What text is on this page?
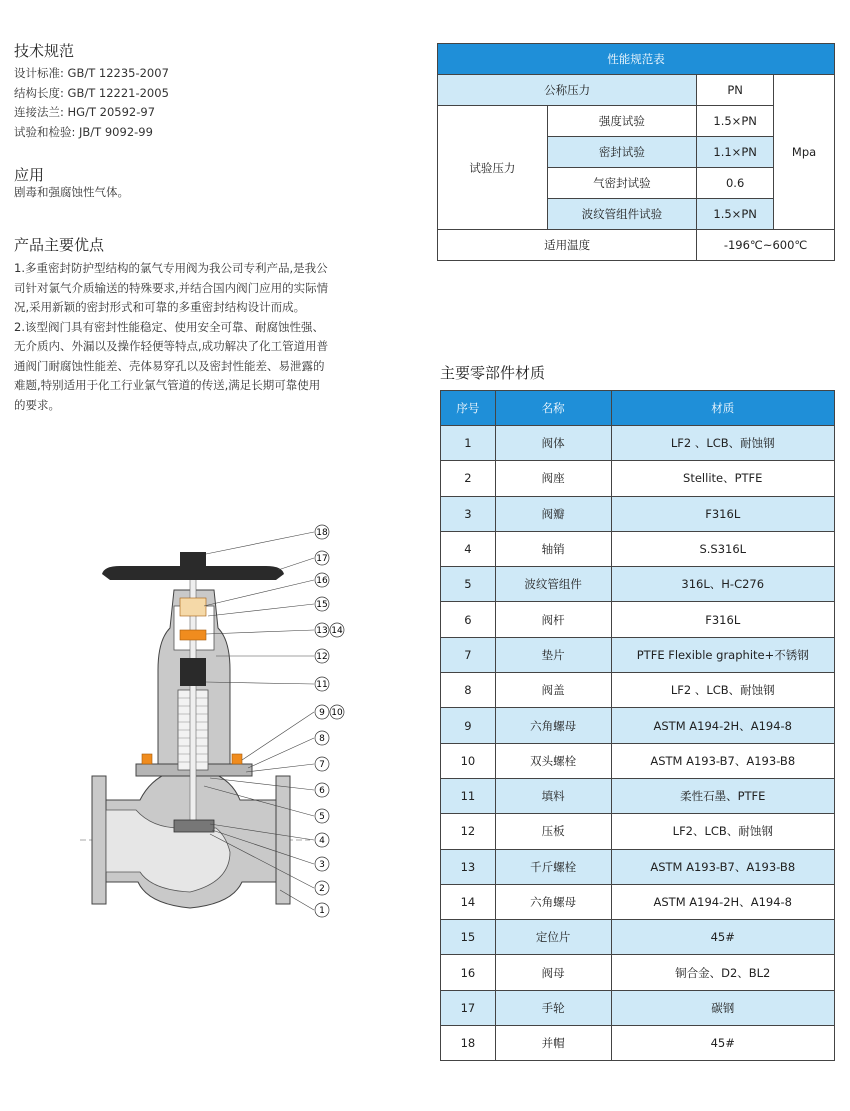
技术规范
设计标准: GB/T 12235-2007
结构长度: GB/T 12221-2005
连接法兰: HG/T 20592-97
试验和检验: JB/T 9092-99
应用
剧毒和强腐蚀性气体。
产品主要优点
1.多重密封防护型结构的氯气专用阀为我公司专利产品,是我公
司针对氯气介质输送的特殊要求,并结合国内阀门应用的实际情
况,采用新颖的密封形式和可靠的多重密封结构设计而成。
2.该型阀门具有密封性能稳定、使用安全可靠、耐腐蚀性强、
无介质内、外漏以及操作轻便等特点,成功解决了化工管道用普
通阀门耐腐蚀性能差、壳体易穿孔以及密封性能差、易泄露的
难题,特别适用于化工行业氯气管道的传送,满足长期可靠使用
的要求。
性能规范表			
公称压力		PN	Mpa
试验压力	强度试验	1.5×PN	
	密封试验	1.1×PN	
	气密封试验	0.6	
	波纹管组件试验	1.5×PN	
适用温度		-196℃~600℃	
主要零部件材质
序号	名称	材质
1	阀体	LF2 、LCB、耐蚀钢
2	阀座	Stellite、PTFE
3	阀瓣	F316L
4	轴销	S.S316L
5	波纹管组件	316L、H-C276
6	阀杆	F316L
7	垫片	PTFE Flexible graphite+不锈钢
8	阀盖	LF2 、LCB、耐蚀钢
9	六角螺母	ASTM A194-2H、A194-8
10	双头螺栓	ASTM A193-B7、A193-B8
11	填料	柔性石墨、PTFE
12	压板	LF2、LCB、耐蚀钢
13	千斤螺栓	ASTM A193-B7、A193-B8
14	六角螺母	ASTM A194-2H、A194-8
15	定位片	45#
16	阀母	铜合金、D2、BL2
17	手轮	碳钢
18	并帽	45#
18
17
16
15
13 14
12
11
9 10
8
7
6
5
4
3
2
1
